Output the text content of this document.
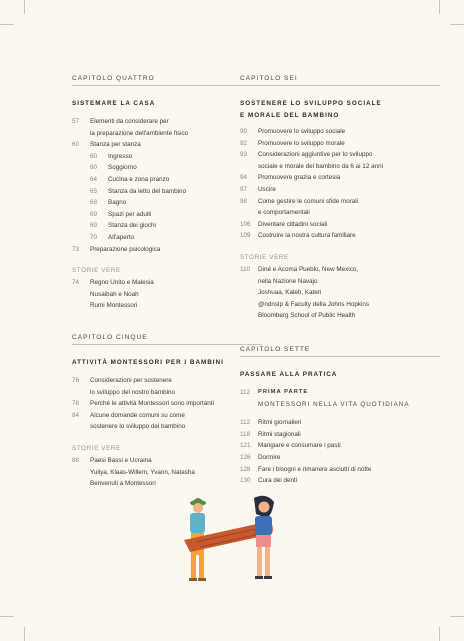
CAPITOLO QUATTRO
SISTEMARE LA CASA
57	Elementi da considerare per
la preparazione dell'ambiente fisico
60	Stanza per stanza
60	Ingresso
60	Soggiorno
64	Cucina e zona pranzo
65	Stanza da letto del bambino
68	Bagno
69	Spazi per adulti
69	Stanza dei giochi
70	All'aperto
73	Preparazione psicologica
STORIE VERE
74	Regno Unito e Malesia
Nusaibah e Noah
Rumi Montessori
CAPITOLO CINQUE
ATTIVITÀ MONTESSORI PER I BAMBINI
76	Considerazioni per sostenere
lo sviluppo del nostro bambino
78	Perché le attività Montessori sono importanti
84	Alcune domande comuni su come
sostenere lo sviluppo del bambino
STORIE VERE
88	Paesi Bassi e Ucraina
Yuliya, Klaas-Willem, Yvann, Natasha
Benvenuti a Montessori
CAPITOLO SEI
SOSTENERE LO SVILUPPO SOCIALE
E MORALE DEL BAMBINO
90	Promuovere lo sviluppo sociale
92	Promuovere lo sviluppo morale
93	Considerazioni aggiuntive per lo sviluppo
sociale e morale del bambino da 6 ai 12 anni
94	Promuovere grazia e cortesia
97	Uscire
98	Come gestire le comuni sfide morali
e comportamentali
106	Diventare cittadini sociali
109	Costruire la nostra cultura familiare
STORIE VERE
110	Diné e Acoma Pueblo, New Mexico,
nella Nazione Navajo
Joshuaa, Kaleb, Kateri
@ndnslp & Faculty della Johns Hopkins
Bloomberg School of Public Health
CAPITOLO SETTE
PASSARE ALLA PRATICA
112	PRIMA PARTE
MONTESSORI NELLA VITA QUOTIDIANA
112	Ritmi giornalieri
118	Ritmi stagionali
121	Mangiare e consumare i pasti
126	Dormire
128	Fare i bisogni e rimanere asciutti di notte
130	Cura dei denti
